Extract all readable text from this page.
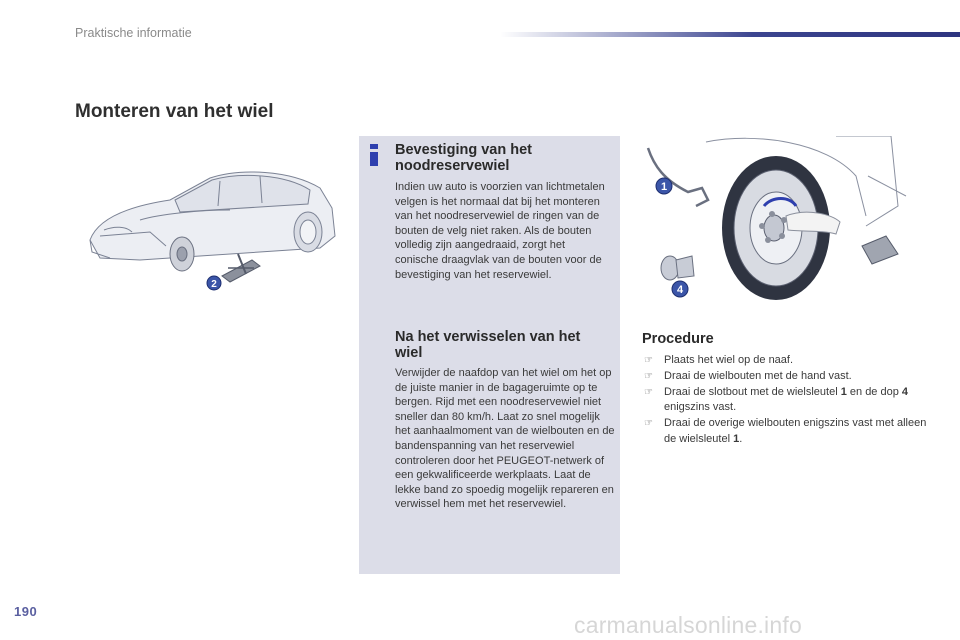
Praktische informatie
Monteren van het wiel
2
Bevestiging van het noodreservewiel
Indien uw auto is voorzien van lichtmetalen velgen is het normaal dat bij het monteren van het noodreservewiel de ringen van de bouten de velg niet raken. Als de bouten volledig zijn aangedraaid, zorgt het conische draagvlak van de bouten voor de bevestiging van het reservewiel.
Na het verwisselen van het wiel
Verwijder de naafdop van het wiel om het op de juiste manier in de bagageruimte op te bergen. Rijd met een noodreservewiel niet sneller dan 80 km/h. Laat zo snel mogelijk het aanhaalmoment van de wielbouten en de bandenspanning van het reservewiel controleren door het PEUGEOT-netwerk of een gekwalificeerde werkplaats. Laat de lekke band zo spoedig mogelijk repareren en verwissel hem met het reservewiel.
1
4
Procedure
☞ Plaats het wiel op de naaf.
☞ Draai de wielbouten met de hand vast.
☞ Draai de slotbout met de wielsleutel 1 en de dop 4 enigszins vast.
☞ Draai de overige wielbouten enigszins vast met alleen de wielsleutel 1.
190
carmanualsonline.info
